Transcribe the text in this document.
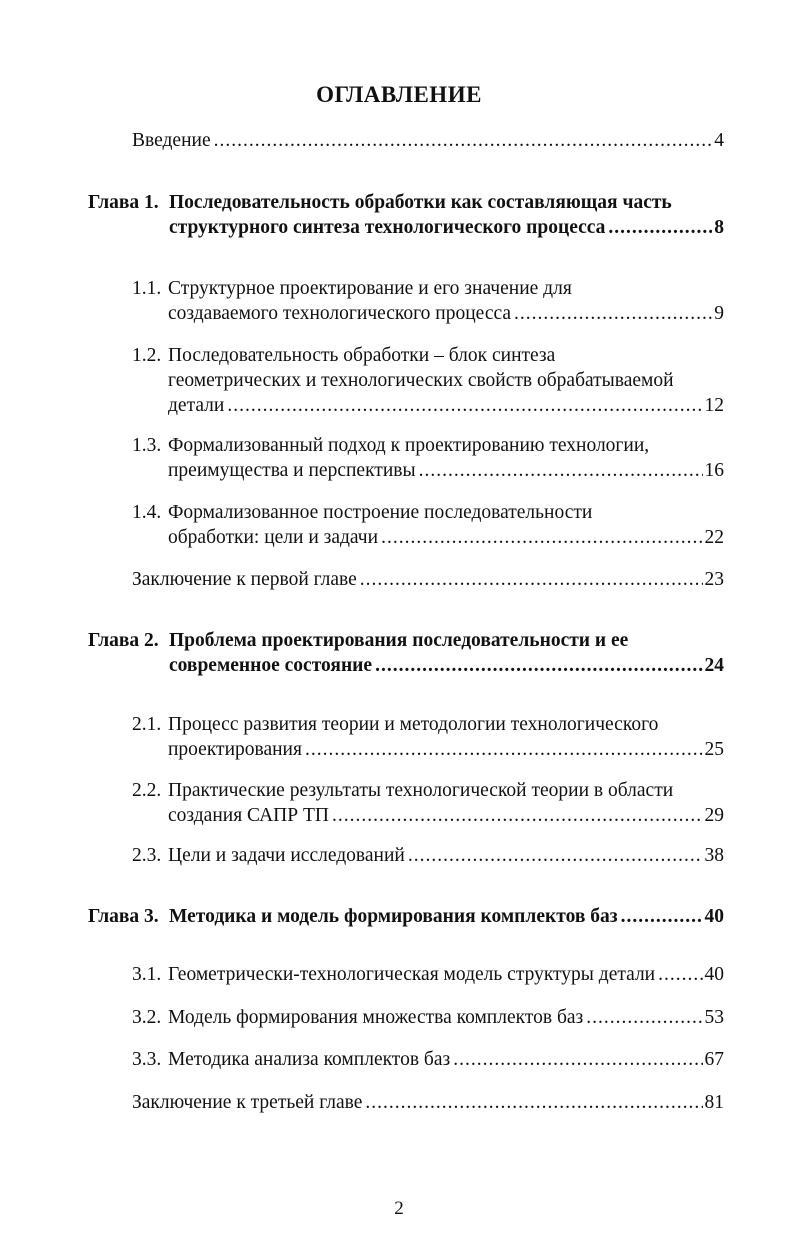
ОГЛАВЛЕНИЕ
Введение .....	4
Глава 1. Последовательность обработки как составляющая часть
структурного синтеза технологического процесса .....	8
1.1. Структурное проектирование и его значение для
создаваемого технологического процесса .....	9
1.2. Последовательность обработки – блок синтеза
геометрических и технологических свойств обрабатываемой
детали .....	12
1.3. Формализованный подход к проектированию технологии,
преимущества и перспективы .....	16
1.4. Формализованное построение последовательности
обработки: цели и задачи .....	22
Заключение к первой главе .....	23
Глава 2. Проблема проектирования последовательности и ее
современное состояние .....	24
2.1. Процесс развития теории и методологии технологического
проектирования .....	25
2.2. Практические результаты технологической теории в области
создания САПР ТП .....	29
2.3. Цели и задачи исследований .....	38
Глава 3. Методика и модель формирования комплектов баз .....	40
3.1. Геометрически-технологическая модель структуры детали .....	40
3.2. Модель формирования множества комплектов баз .....	53
3.3. Методика анализа комплектов баз .....	67
Заключение к третьей главе .....	81
2
